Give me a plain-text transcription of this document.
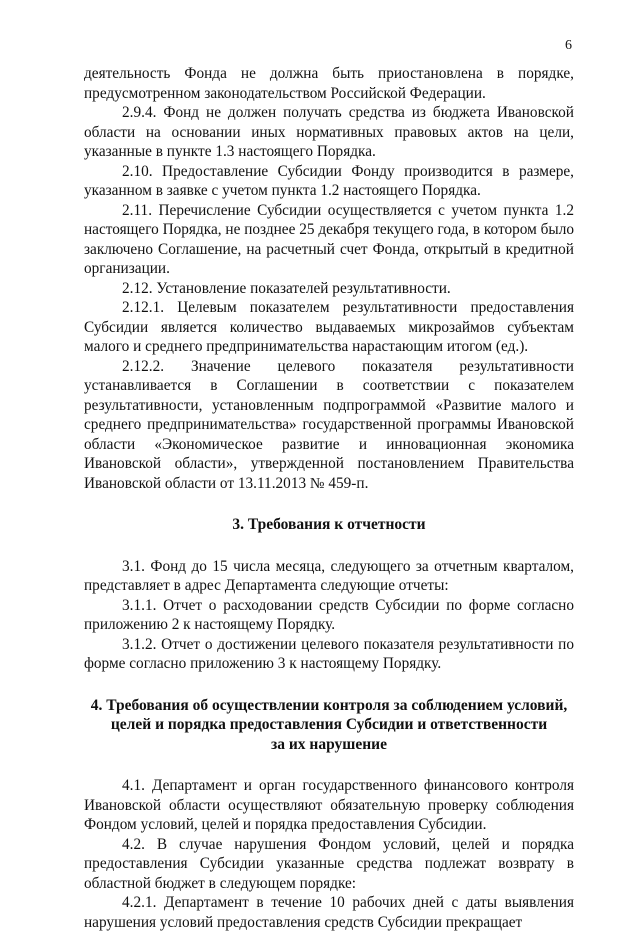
6

деятельность Фонда не должна быть приостановлена в порядке, предусмотренном законодательством Российской Федерации.

2.9.4. Фонд не должен получать средства из бюджета Ивановской области на основании иных нормативных правовых актов на цели, указанные в пункте 1.3 настоящего Порядка.

2.10. Предоставление Субсидии Фонду производится в размере, указанном в заявке с учетом пункта 1.2 настоящего Порядка.

2.11. Перечисление Субсидии осуществляется с учетом пункта 1.2 настоящего Порядка, не позднее 25 декабря текущего года, в котором было заключено Соглашение, на расчетный счет Фонда, открытый в кредитной организации.

2.12. Установление показателей результативности.

2.12.1. Целевым показателем результативности предоставления Субсидии является количество выдаваемых микрозаймов субъектам малого и среднего предпринимательства нарастающим итогом (ед.).

2.12.2. Значение целевого показателя результативности устанавливается в Соглашении в соответствии с показателем результативности, установленным подпрограммой «Развитие малого и среднего предпринимательства» государственной программы Ивановской области «Экономическое развитие и инновационная экономика Ивановской области», утвержденной постановлением Правительства Ивановской области от 13.11.2013 № 459-п.

3. Требования к отчетности

3.1. Фонд до 15 числа месяца, следующего за отчетным кварталом, представляет в адрес Департамента следующие отчеты:

3.1.1. Отчет о расходовании средств Субсидии по форме согласно приложению 2 к настоящему Порядку.

3.1.2. Отчет о достижении целевого показателя результативности по форме согласно приложению 3 к настоящему Порядку.

4. Требования об осуществлении контроля за соблюдением условий,
целей и порядка предоставления Субсидии и ответственности
за их нарушение

4.1. Департамент и орган государственного финансового контроля Ивановской области осуществляют обязательную проверку соблюдения Фондом условий, целей и порядка предоставления Субсидии.

4.2. В случае нарушения Фондом условий, целей и порядка предоставления Субсидии указанные средства подлежат возврату в областной бюджет в следующем порядке:

4.2.1. Департамент в течение 10 рабочих дней с даты выявления нарушения условий предоставления средств Субсидии прекращает
